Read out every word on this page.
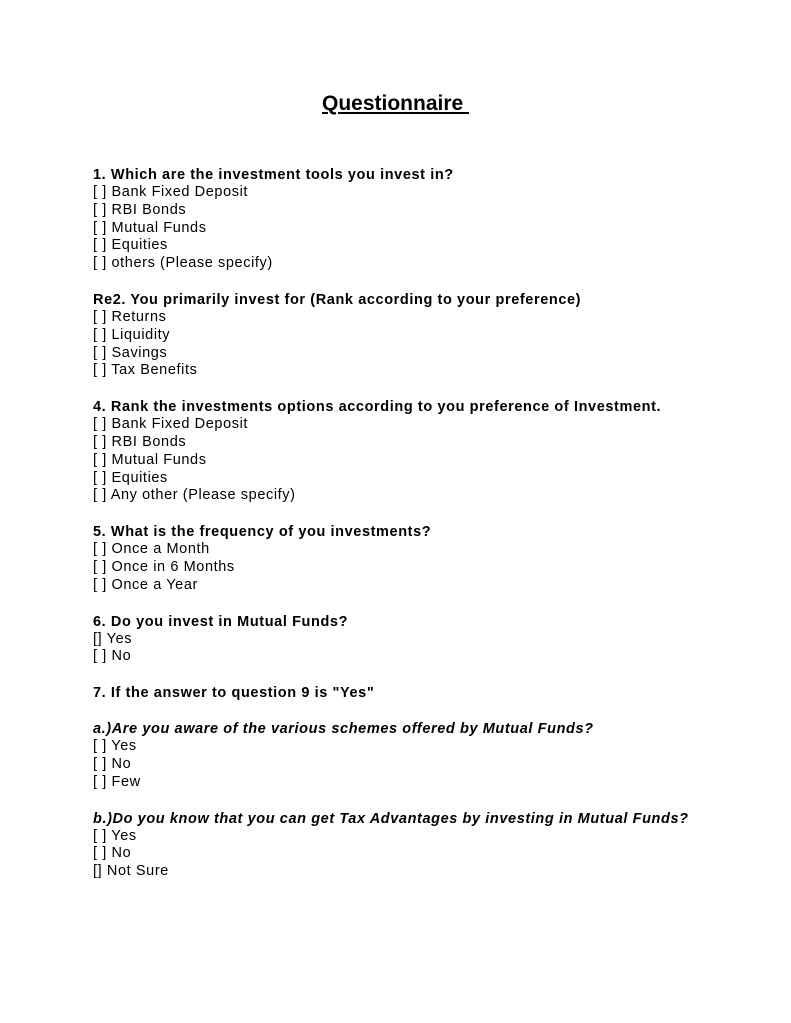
Questionnaire

1. Which are the investment tools you invest in?

[ ] Bank Fixed Deposit

[ ] RBI Bonds

[ ] Mutual Funds

[ ] Equities

[ ] others (Please specify)

Re2. You primarily invest for (Rank according to your preference)

[ ] Returns

[ ] Liquidity

[ ] Savings

[ ] Tax Benefits

4. Rank the investments options according to you preference of Investment.

[ ] Bank Fixed Deposit

[ ] RBI Bonds

[ ] Mutual Funds

[ ] Equities

[ ] Any other (Please specify)

5. What is the frequency of you investments?

[ ] Once a Month

[ ] Once in 6 Months

[ ] Once a Year

6. Do you invest in Mutual Funds?

[] Yes

[ ] No

7. If the answer to question 9 is "Yes"

a.)Are you aware of the various schemes offered by Mutual Funds?

[ ] Yes

[ ] No

[ ] Few

b.)Do you know that you can get Tax Advantages by investing in Mutual Funds?

[ ] Yes

[ ] No

[] Not Sure
